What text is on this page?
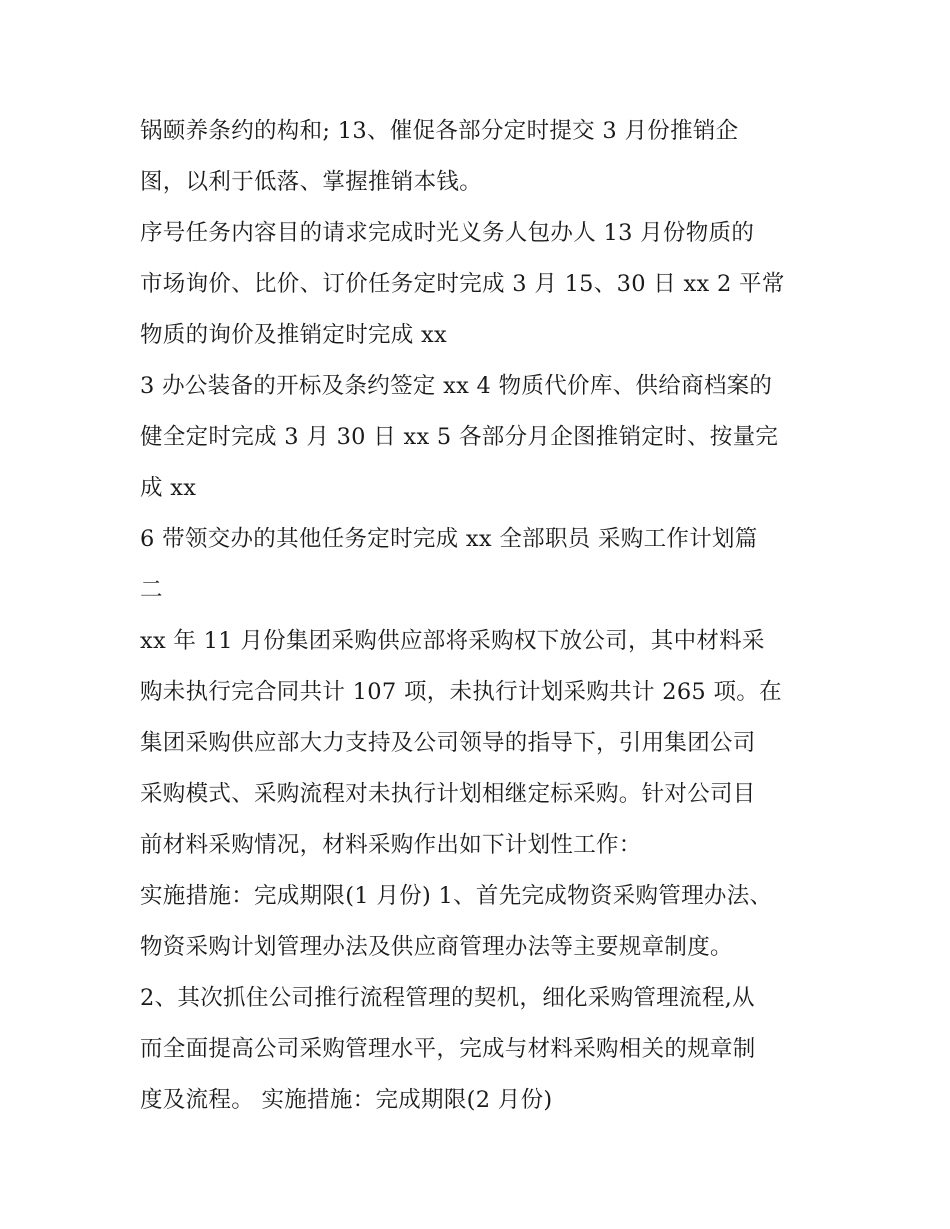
锅颐养条约的构和; 13、催促各部分定时提交 3 月份推销企
图，以利于低落、掌握推销本钱。
序号任务内容目的请求完成时光义务人包办人 13 月份物质的
市场询价、比价、订价任务定时完成 3 月 15、30 日 xx 2 平常
物质的询价及推销定时完成 xx
3 办公装备的开标及条约签定 xx 4 物质代价库、供给商档案的
健全定时完成 3 月 30 日 xx 5 各部分月企图推销定时、按量完
成 xx
6 带领交办的其他任务定时完成 xx 全部职员 采购工作计划篇
二
xx 年 11 月份集团采购供应部将采购权下放公司，其中材料采
购未执行完合同共计 107 项，未执行计划采购共计 265 项。在
集团采购供应部大力支持及公司领导的指导下，引用集团公司
采购模式、采购流程对未执行计划相继定标采购。针对公司目
前材料采购情况，材料采购作出如下计划性工作：
实施措施：完成期限(1 月份) 1、首先完成物资采购管理办法、
物资采购计划管理办法及供应商管理办法等主要规章制度。
2、其次抓住公司推行流程管理的契机，细化采购管理流程,从
而全面提高公司采购管理水平，完成与材料采购相关的规章制
度及流程。 实施措施：完成期限(2 月份)
